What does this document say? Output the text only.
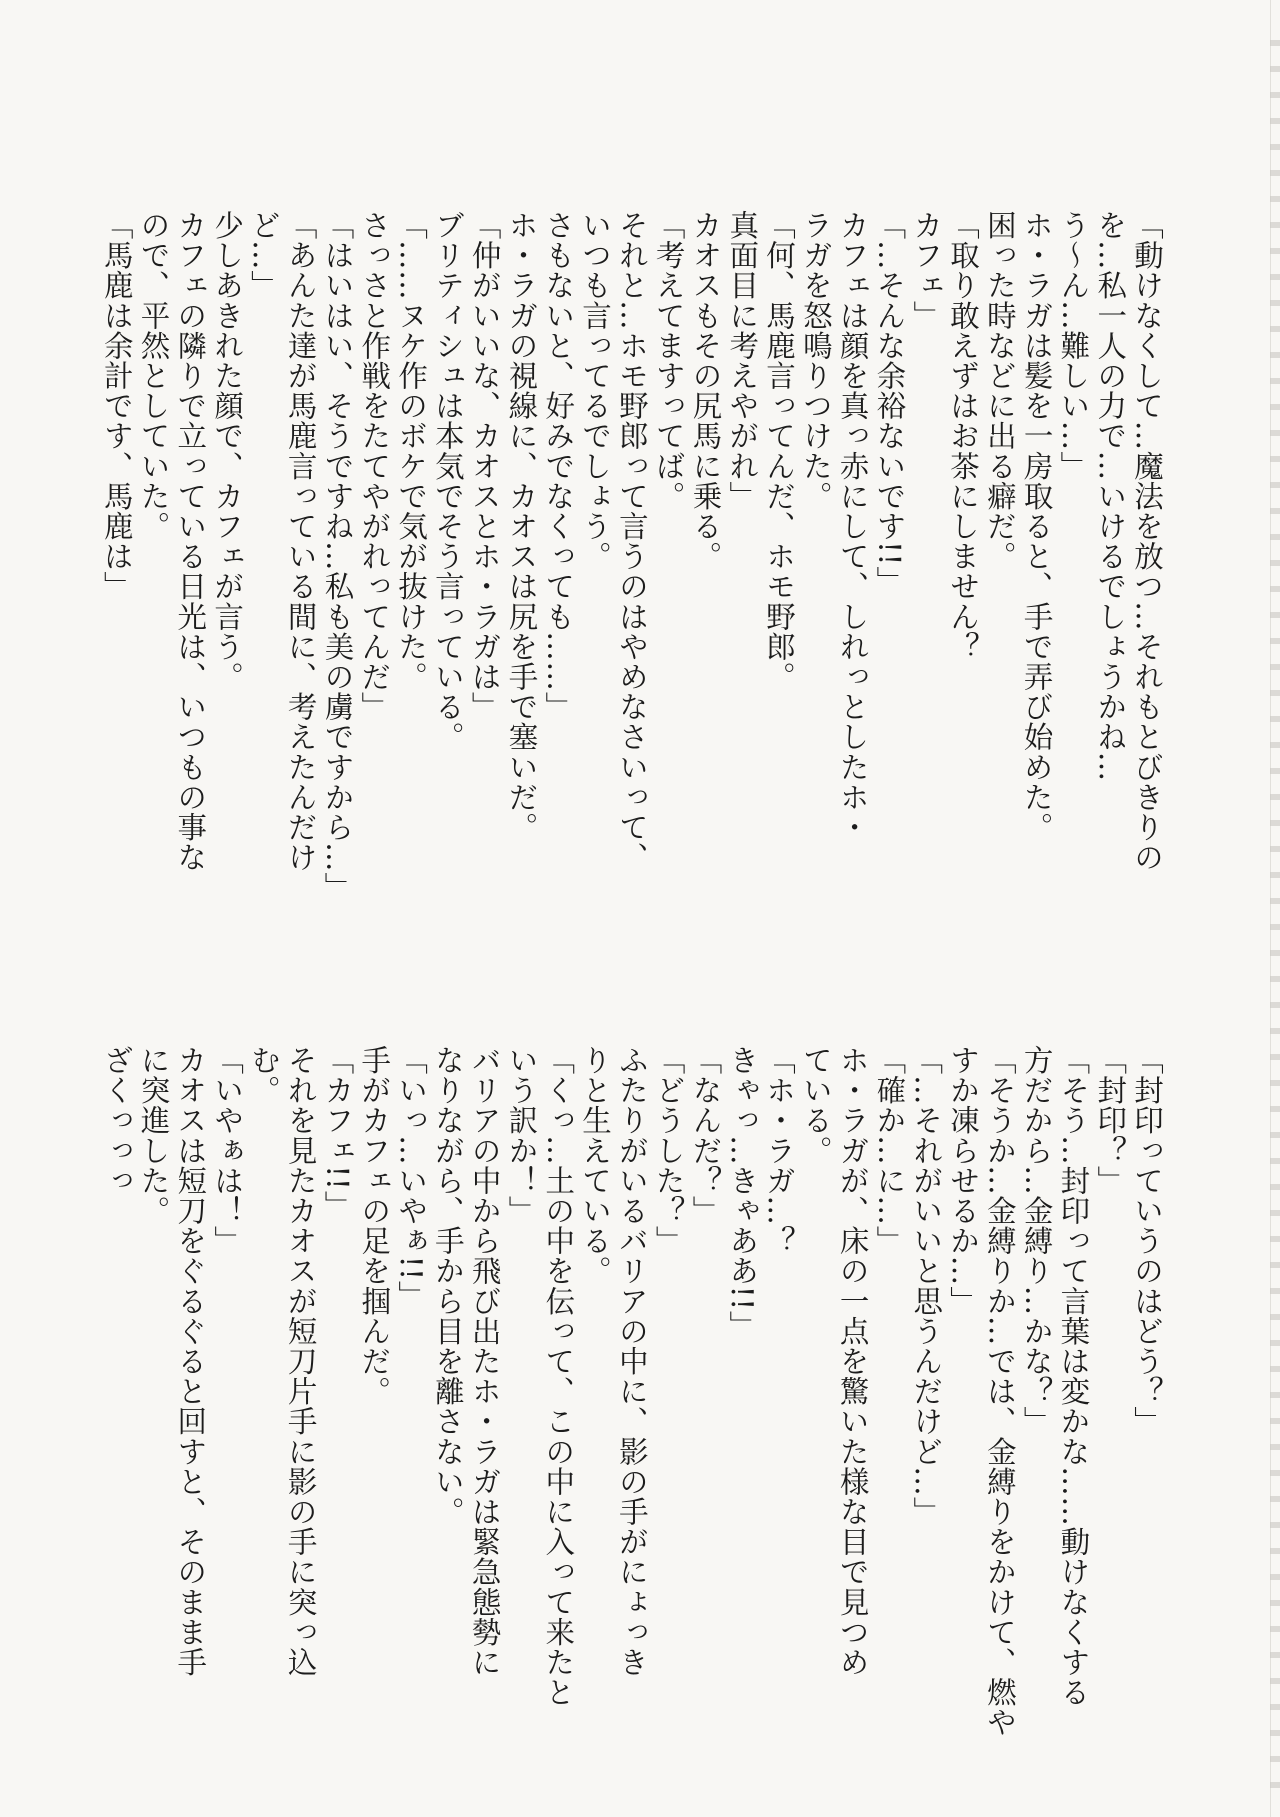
「動けなくして…魔法を放つ…それもとびきりの
を…私一人の力で…いけるでしょうかね…
う〜ん…難しい…」
ホ・ラガは髪を一房取ると、手で弄び始めた。
困った時などに出る癖だ。
「取り敢えずはお茶にしません？
カフェ」
「…そんな余裕ないです!!」
カフェは顔を真っ赤にして、しれっとしたホ・
ラガを怒鳴りつけた。
「何、馬鹿言ってんだ、ホモ野郎。
真面目に考えやがれ」
カオスもその尻馬に乗る。
「考えてますってば。
それと…ホモ野郎って言うのはやめなさいって、
いつも言ってるでしょう。
さもないと、好みでなくっても……」
ホ・ラガの視線に、カオスは尻を手で塞いだ。
「仲がいいな、カオスとホ・ラガは」
ブリティシュは本気でそう言っている。
「……ヌケ作のボケで気が抜けた。
さっさと作戦をたてやがれってんだ」
「はいはい、そうですね…私も美の虜ですから…」
「あんた達が馬鹿言っている間に、考えたんだけ
ど…」
少しあきれた顔で、カフェが言う。
カフェの隣りで立っている日光は、いつもの事な
ので、平然としていた。
「馬鹿は余計です、馬鹿は」
「封印っていうのはどう？」
「封印？」
「そう…封印って言葉は変かな……動けなくする
方だから…金縛り…かな？」
「そうか…金縛りか…では、金縛りをかけて、燃や
すか凍らせるか…」
「…それがいいと思うんだけど…」
「確か…に…」
ホ・ラガが、床の一点を驚いた様な目で見つめ
ている。
「ホ・ラガ…？
きゃっ…きゃああ!!」
「なんだ？」
「どうした？」
ふたりがいるバリアの中に、影の手がにょっき
りと生えている。
「くっ…土の中を伝って、この中に入って来たと
いう訳か！」
バリアの中から飛び出たホ・ラガは緊急態勢に
なりながら、手から目を離さない。
「いっ…いやぁ!!」
手がカフェの足を掴んだ。
「カフェ!!」
それを見たカオスが短刀片手に影の手に突っ込
む。
「いやぁは！」
カオスは短刀をぐるぐると回すと、そのまま手
に突進した。
ざくっっっ
